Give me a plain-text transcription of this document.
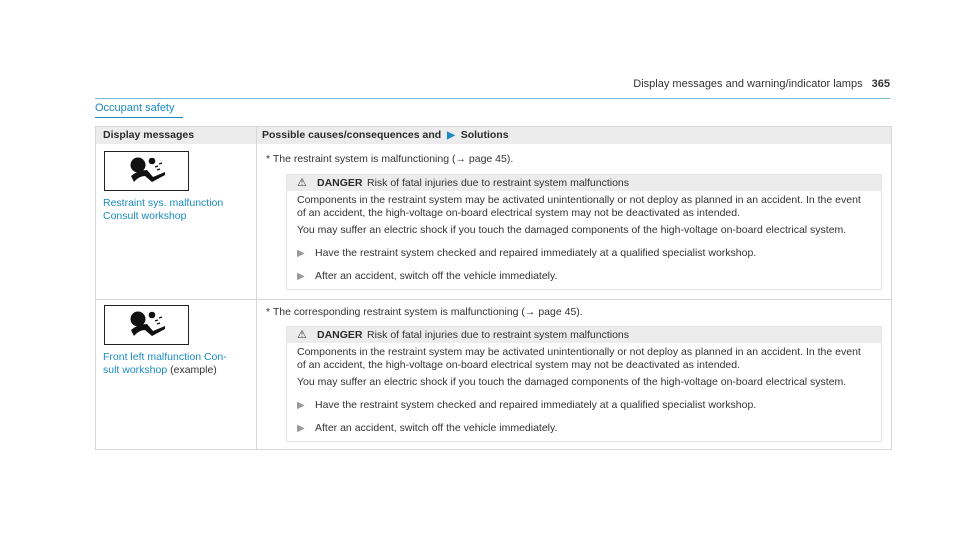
Display messages and warning/indicator lamps 365
Occupant safety
Display messages	Possible causes/consequences and ▶ Solutions
Restraint sys. malfunction
Consult workshop
* The restraint system is malfunctioning (→ page 45).
⚠ DANGER Risk of fatal injuries due to restraint system malfunctions

Components in the restraint system may be activated unintentionally or not deploy as planned in an accident. In the event of an accident, the high-voltage on-board electrical system may not be deactivated as intended.

You may suffer an electric shock if you touch the damaged components of the high-voltage on-board electrical system.

▶ Have the restraint system checked and repaired immediately at a qualified specialist workshop.
▶ After an accident, switch off the vehicle immediately.
Front left malfunction Con-
sult workshop (example)
* The corresponding restraint system is malfunctioning (→ page 45).
⚠ DANGER Risk of fatal injuries due to restraint system malfunctions

Components in the restraint system may be activated unintentionally or not deploy as planned in an accident. In the event of an accident, the high-voltage on-board electrical system may not be deactivated as intended.

You may suffer an electric shock if you touch the damaged components of the high-voltage on-board electrical system.

▶ Have the restraint system checked and repaired immediately at a qualified specialist workshop.
▶ After an accident, switch off the vehicle immediately.
